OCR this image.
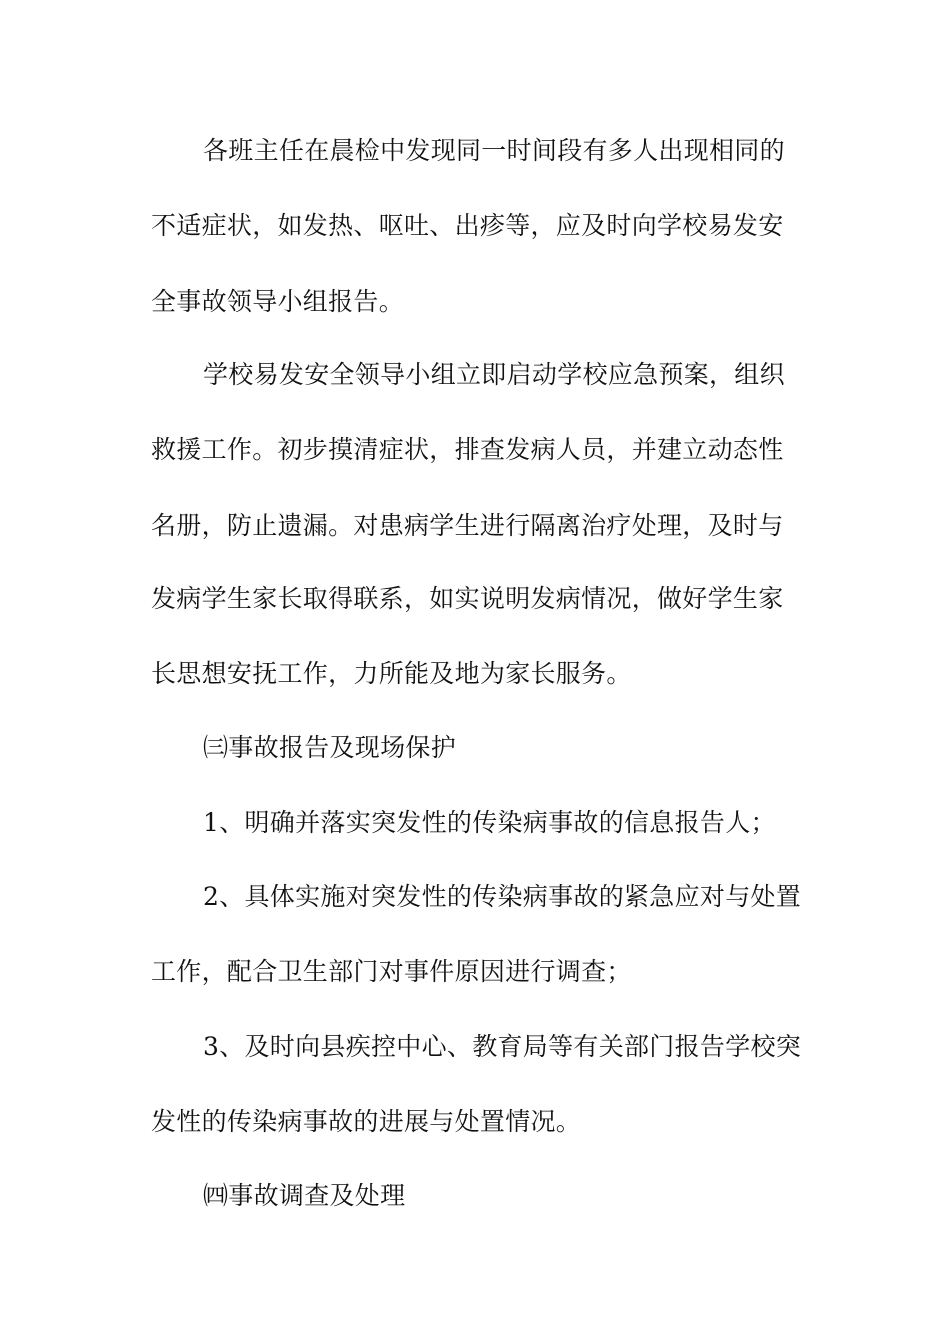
各班主任在晨检中发现同一时间段有多人出现相同的
不适症状，如发热、呕吐、出疹等，应及时向学校易发安
全事故领导小组报告。
学校易发安全领导小组立即启动学校应急预案，组织
救援工作。初步摸清症状，排查发病人员，并建立动态性
名册，防止遗漏。对患病学生进行隔离治疗处理，及时与
发病学生家长取得联系，如实说明发病情况，做好学生家
长思想安抚工作，力所能及地为家长服务。
㈢事故报告及现场保护
1、明确并落实突发性的传染病事故的信息报告人；
2、具体实施对突发性的传染病事故的紧急应对与处置
工作，配合卫生部门对事件原因进行调查；
3、及时向县疾控中心、教育局等有关部门报告学校突
发性的传染病事故的进展与处置情况。
㈣事故调查及处理
